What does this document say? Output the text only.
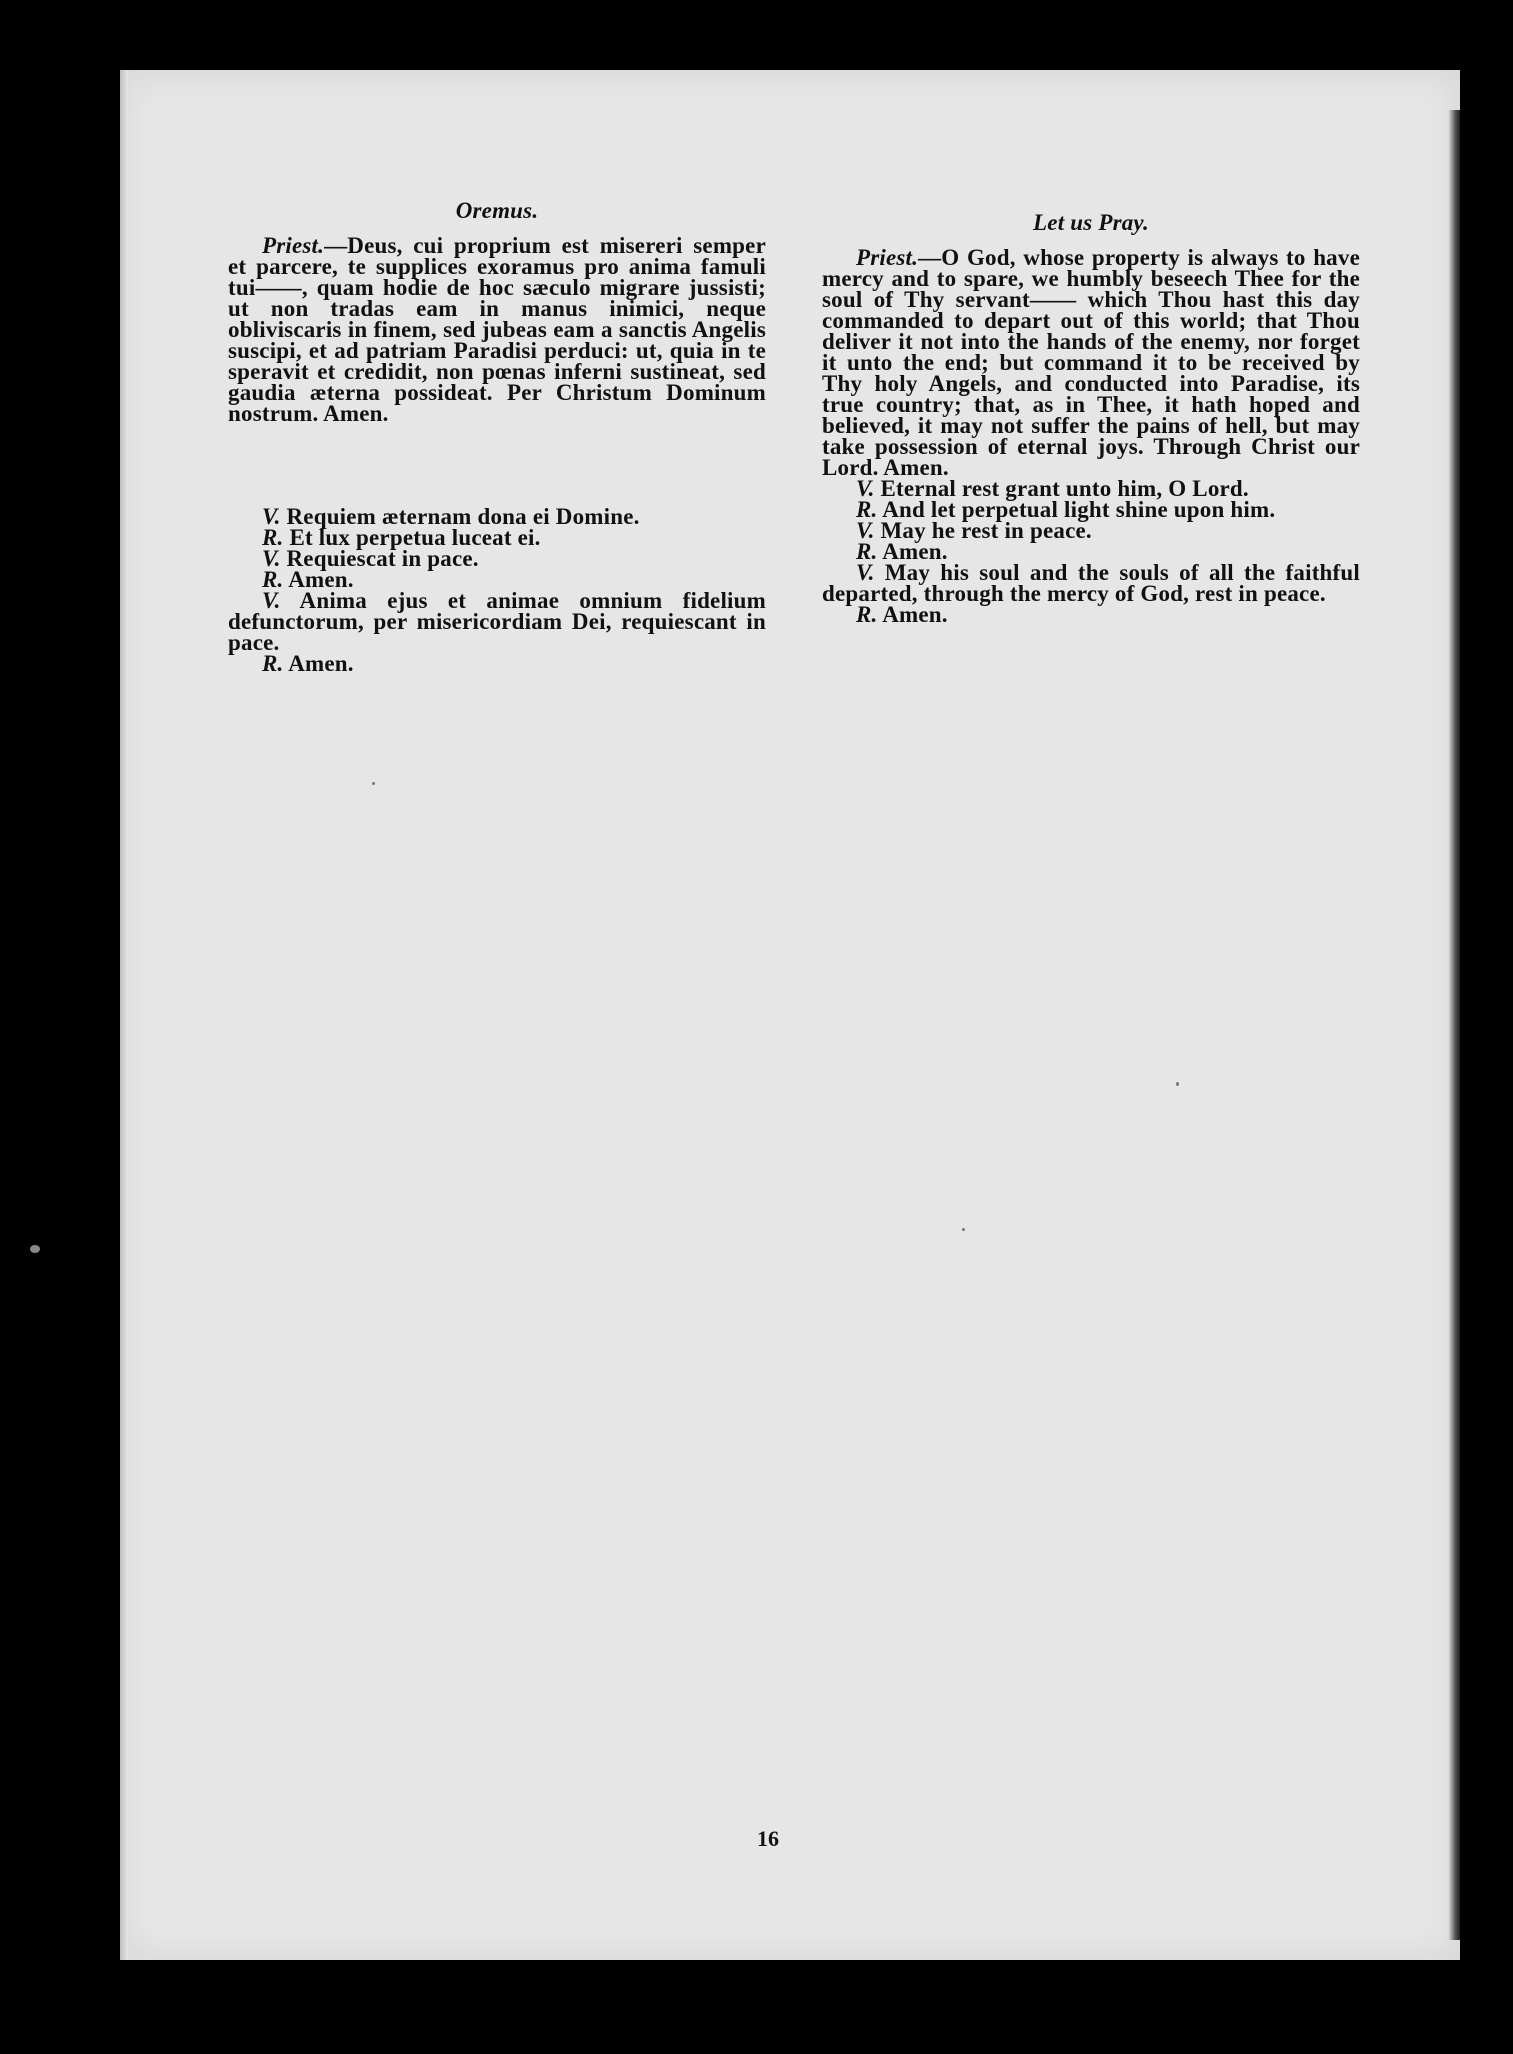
Oremus.

Priest.—Deus, cui proprium est misereri semper et parcere, te supplices exoramus pro anima famuli tui——, quam hodie de hoc sæculo migrare jussisti; ut non tradas eam in manus inimici, neque obliviscaris in finem, sed jubeas eam a sanctis Angelis suscipi, et ad patriam Paradisi perduci: ut, quia in te speravit et credidit, non pœnas inferni sustineat, sed gaudia æterna possideat. Per Christum Dominum nostrum. Amen.

V. Requiem æternam dona ei Domine.

R. Et lux perpetua luceat ei.

V. Requiescat in pace.

R. Amen.

V. Anima ejus et animae omnium fidelium defunctorum, per misericordiam Dei, requiescant in pace.

R. Amen.

Let us Pray.

Priest.—O God, whose property is always to have mercy and to spare, we humbly beseech Thee for the soul of Thy servant—— which Thou hast this day commanded to depart out of this world; that Thou deliver it not into the hands of the enemy, nor forget it unto the end; but command it to be received by Thy holy Angels, and conducted into Paradise, its true country; that, as in Thee, it hath hoped and believed, it may not suffer the pains of hell, but may take possession of eternal joys. Through Christ our Lord. Amen.

V. Eternal rest grant unto him, O Lord.

R. And let perpetual light shine upon him.

V. May he rest in peace.

R. Amen.

V. May his soul and the souls of all the faithful departed, through the mercy of God, rest in peace.

R. Amen.

16
